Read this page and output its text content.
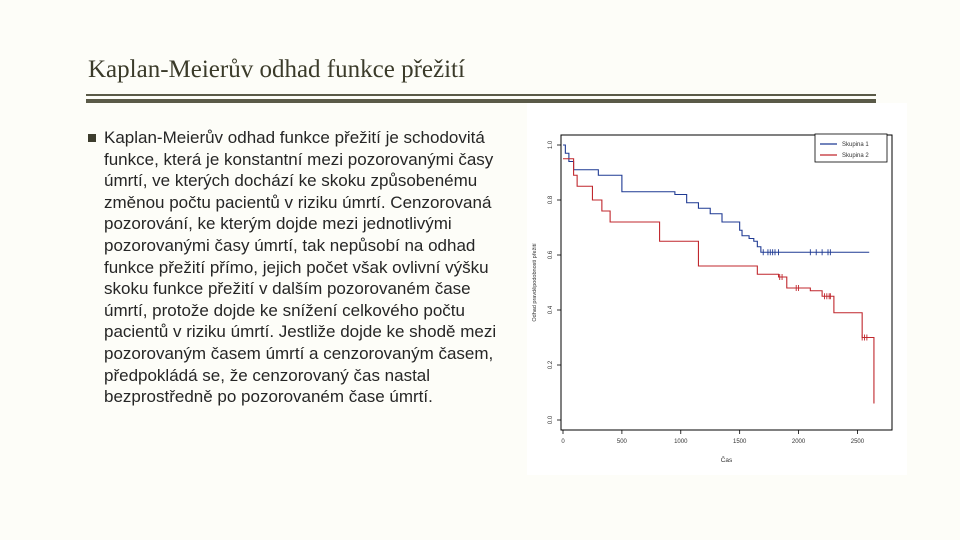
Kaplan-Meierův odhad funkce přežití
Kaplan-Meierův odhad funkce přežití je schodovitá funkce, která je konstantní mezi pozorovanými časy úmrtí, ve kterých dochází ke skoku způsobenému změnou počtu pacientů v riziku úmrtí. Cenzorovaná pozorování, ke kterým dojde mezi jednotlivými pozorovanými časy úmrtí, tak nepůsobí na odhad funkce přežití přímo, jejich počet však ovlivní výšku skoku funkce přežití v dalším pozorovaném čase úmrtí, protože dojde ke snížení celkového počtu pacientů v riziku úmrtí. Jestliže dojde ke shodě mezi pozorovaným časem úmrtí a cenzorovaným časem, předpokládá se, že cenzorovaný čas nastal bezprostředně po pozorovaném čase úmrtí.
0	500	1000	1500	2000	2500
0.0
0.2
0.4
0.6
0.8
1.0
Čas
Odhad pravděpodobnosti přežití
Skupina 1
Skupina 2
